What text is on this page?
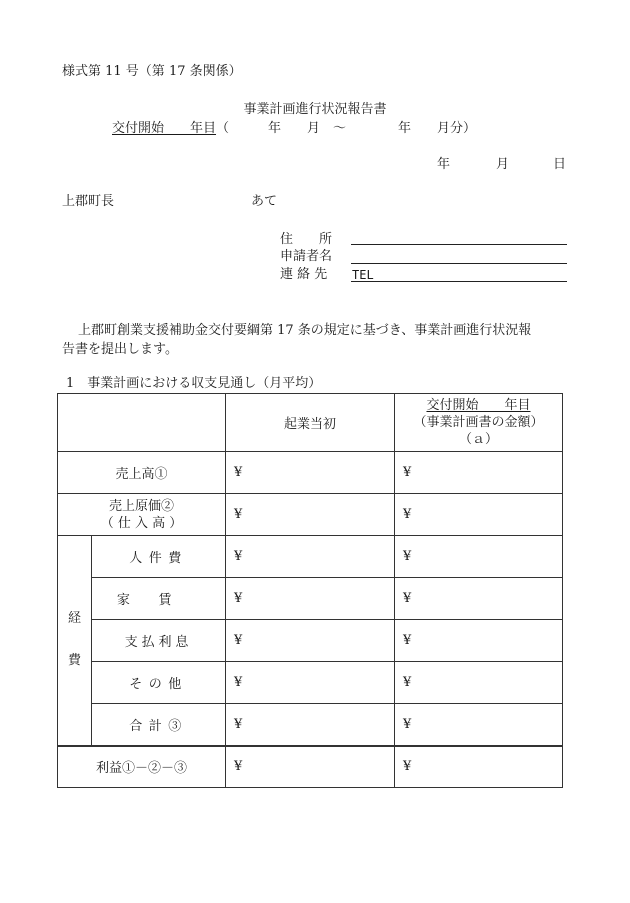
様式第 11 号（第 17 条関係）
事業計画進行状況報告書
交付開始　　年目（　　　年　　月　～　　　　年　　月分）
年	月	日
上郡町長	あて
住　　所
申請者名
連 絡 先 TEL
上郡町創業支援補助金交付要綱第 17 条の規定に基づき、事業計画進行状況報
告書を提出します。
1　事業計画における収支見通し（月平均）
		起業当初	交付開始　　年目
（事業計画書の金額）
（ａ）

売上高①		¥	¥

売上原価②
（ 仕 入 高 ）		¥	¥

経
費	人件費	¥	¥
	家賃	¥	¥
	支払利息	¥	¥
	その他	¥	¥
	合計③	¥	¥
利益①－②－③		¥	¥
